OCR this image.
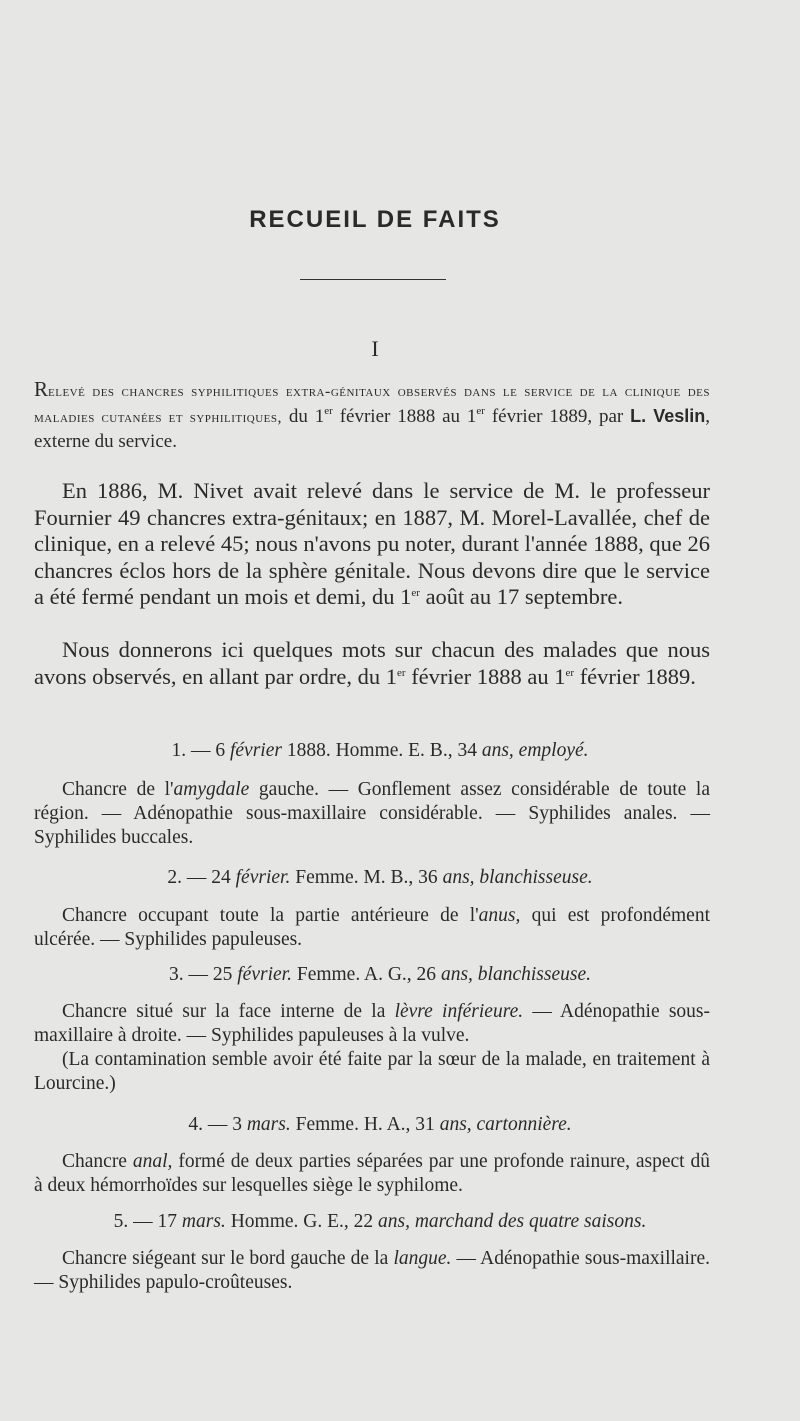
RECUEIL DE FAITS
I
Relevé des chancres syphilitiques extra-génitaux observés dans le service de la clinique des maladies cutanées et syphilitiques, du 1er février 1888 au 1er février 1889, par L. Veslin, externe du service.
En 1886, M. Nivet avait relevé dans le service de M. le professeur Fournier 49 chancres extra-génitaux; en 1887, M. Morel-Lavallée, chef de clinique, en a relevé 45; nous n'avons pu noter, durant l'année 1888, que 26 chancres éclos hors de la sphère génitale. Nous devons dire que le service a été fermé pendant un mois et demi, du 1er août au 17 septembre.
Nous donnerons ici quelques mots sur chacun des malades que nous avons observés, en allant par ordre, du 1er février 1888 au 1er février 1889.
1. — 6 février 1888. Homme. E. B., 34 ans, employé.

Chancre de l'amygdale gauche. — Gonflement assez considérable de toute la région. — Adénopathie sous-maxillaire considérable. — Syphilides anales. — Syphilides buccales.

2. — 24 février. Femme. M. B., 36 ans, blanchisseuse.

Chancre occupant toute la partie antérieure de l'anus, qui est profondément ulcérée. — Syphilides papuleuses.

3. — 25 février. Femme. A. G., 26 ans, blanchisseuse.

Chancre situé sur la face interne de la lèvre inférieure. — Adénopathie sous-maxillaire à droite. — Syphilides papuleuses à la vulve.

(La contamination semble avoir été faite par la sœur de la malade, en traitement à Lourcine.)

4. — 3 mars. Femme. H. A., 31 ans, cartonnière.

Chancre anal, formé de deux parties séparées par une profonde rainure, aspect dû à deux hémorrhoïdes sur lesquelles siège le syphilome.

5. — 17 mars. Homme. G. E., 22 ans, marchand des quatre saisons.

Chancre siégeant sur le bord gauche de la langue. — Adénopathie sous-maxillaire. — Syphilides papulo-croûteuses.
